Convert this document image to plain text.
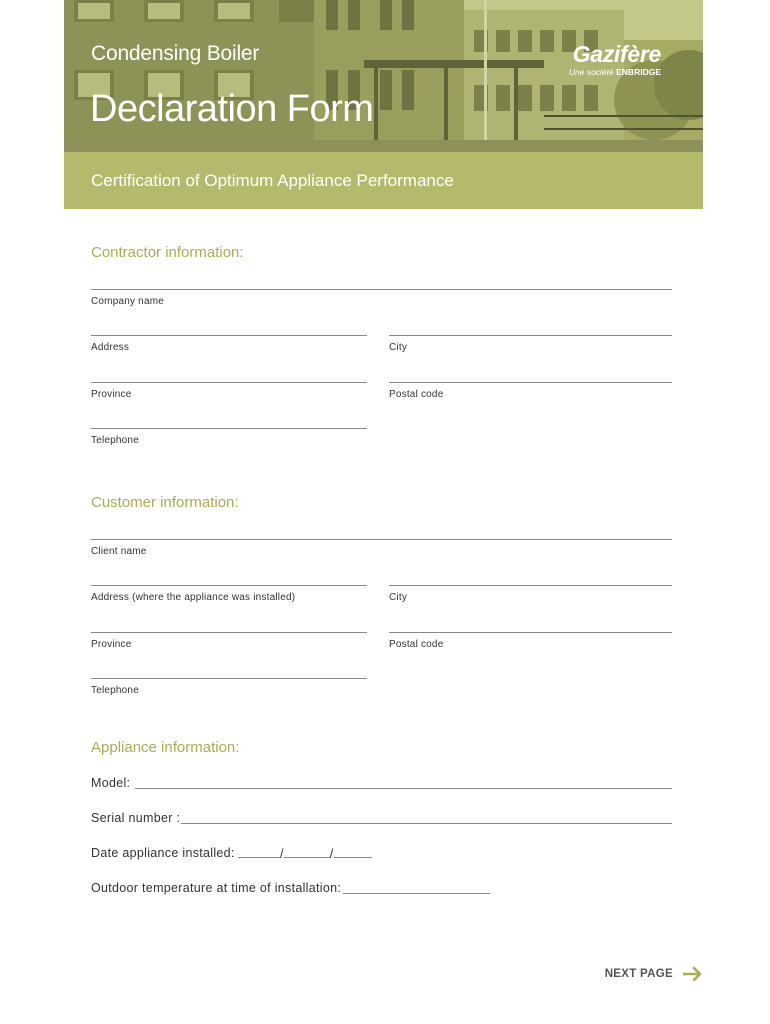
Condensing Boiler
Declaration Form
Gazifère
Une société ENBRIDGE
Certification of Optimum Appliance Performance
Contractor information:
Company name
Address	City
Province	Postal code
Telephone
Customer information:
Client name
Address (where the appliance was installed)	City
Province	Postal code
Telephone
Appliance information:
Model:
Serial number :
Date appliance installed:	/	/
Outdoor temperature at time of installation:
NEXT PAGE
